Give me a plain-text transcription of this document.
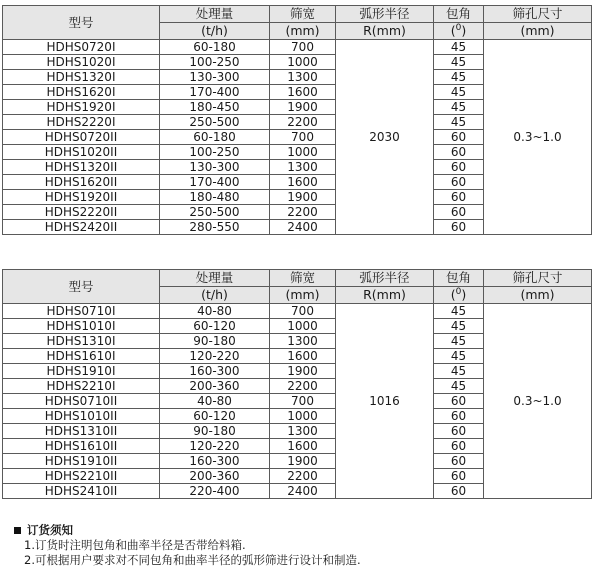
型号	处理量	筛宽	弧形半径	包角	筛孔尺寸
	(t/h)	(mm)	R(mm)	($^0$)	(mm)
HDHS0720I	60-180	700	2030	45	0.3~1.0
HDHS1020I	100-250	1000		45	
HDHS1320I	130-300	1300		45	
HDHS1620I	170-400	1600		45	
HDHS1920I	180-450	1900		45	
HDHS2220I	250-500	2200		45	
HDHS0720II	60-180	700		60	
HDHS1020II	100-250	1000		60	
HDHS1320II	130-300	1300		60	
HDHS1620II	170-400	1600		60	
HDHS1920II	180-480	1900		60	
HDHS2220II	250-500	2200		60	
HDHS2420II	280-550	2400		60	
型号	处理量	筛宽	弧形半径	包角	筛孔尺寸
	(t/h)	(mm)	R(mm)	($^0$)	(mm)
HDHS0710I	40-80	700	1016	45	0.3~1.0
HDHS1010I	60-120	1000		45	
HDHS1310I	90-180	1300		45	
HDHS1610I	120-220	1600		45	
HDHS1910I	160-300	1900		45	
HDHS2210I	200-360	2200		45	
HDHS0710II	40-80	700		60	
HDHS1010II	60-120	1000		60	
HDHS1310II	90-180	1300		60	
HDHS1610II	120-220	1600		60	
HDHS1910II	160-300	1900		60	
HDHS2210II	200-360	2200		60	
HDHS2410II	220-400	2400		60	
订货须知
1.订货时注明包角和曲率半径是否带给料箱.
2.可根据用户要求对不同包角和曲率半径的弧形筛进行设计和制造.
